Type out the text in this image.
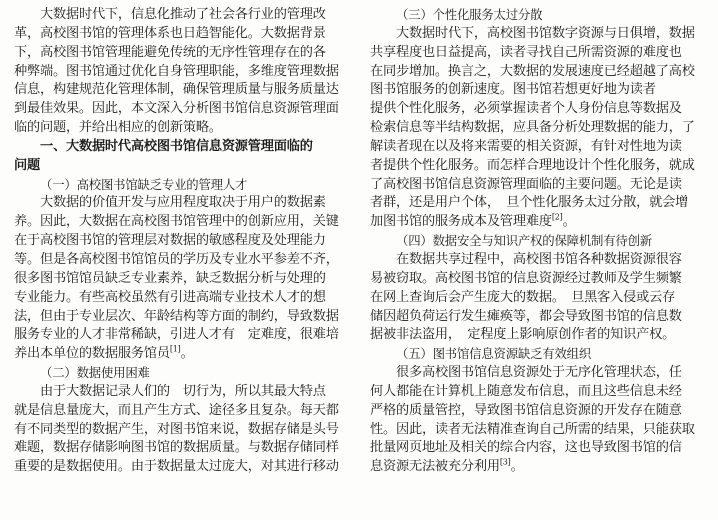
大数据时代下，信息化推动了社会各行业的管理改
革，高校图书馆的管理体系也日趋智能化。大数据背景
下，高校图书馆管理能避免传统的无序性管理存在的各
种弊端。图书馆通过优化自身管理职能，多维度管理数据
信息，构建规范化管理体制，确保管理质量与服务质量达
到最佳效果。因此，本文深入分析图书馆信息资源管理面
临的问题，并给出相应的创新策略。
一、大数据时代高校图书馆信息资源管理面临的
问题
（一）高校图书馆缺乏专业的管理人才
大数据的价值开发与应用程度取决于用户的数据素
养。因此，大数据在高校图书馆管理中的创新应用，关键
在于高校图书馆的管理层对数据的敏感程度及处理能力
等。但是各高校图书馆馆员的学历及专业水平参差不齐，
很多图书馆馆员缺乏专业素养，缺乏数据分析与处理的
专业能力。有些高校虽然有引进高端专业技术人才的想
法，但由于专业层次、年龄结构等方面的制约，导致数据
服务专业的人才非常稀缺，引进人才有　定难度，很难培
养出本单位的数据服务馆员[1]。
（二）数据使用困难
由于大数据记录人们的　切行为，所以其最大特点
就是信息量庞大，而且产生方式、途径多且复杂。每天都
有不同类型的数据产生，对图书馆来说，数据存储是头号
难题，数据存储影响图书馆的数据质量。与数据存储同样
重要的是数据使用。由于数据量太过庞大，对其进行移动
（三）个性化服务太过分散
大数据时代下，高校图书馆数字资源与日俱增，数据
共享程度也日益提高，读者寻找自己所需资源的难度也
在同步增加。换言之，大数据的发展速度已经超越了高校
图书馆服务的创新速度。图书馆若想更好地为读者
提供个性化服务，必须掌握读者个人身份信息等数据及
检索信息等半结构数据，应具备分析处理数据的能力，了
解读者现在以及将来需要的相关资源，有针对性地为读
者提供个性化服务。而怎样合理地设计个性化服务，就成
了高校图书馆信息资源管理面临的主要问题。无论是读
者群，还是用户个体，　旦个性化服务太过分散，就会增
加图书馆的服务成本及管理难度[2]。
（四）数据安全与知识产权的保障机制有待创新
在数据共享过程中，高校图书馆各种数据资源很容
易被窃取。高校图书馆的信息资源经过教师及学生频繁
在网上查询后会产生庞大的数据。　旦黑客入侵或云存
储因超负荷运行发生瘫痪等，都会导致图书馆的信息数
据被非法盗用，　定程度上影响原创作者的知识产权。
（五）图书馆信息资源缺乏有效组织
很多高校图书馆信息资源处于无序化管理状态，任
何人都能在计算机上随意发布信息，而且这些信息未经
严格的质量管控，导致图书馆信息资源的开发存在随意
性。因此，读者无法精准查询自己所需的结果，只能获取
批量网页地址及相关的综合内容，这也导致图书馆的信
息资源无法被充分利用[3]。
